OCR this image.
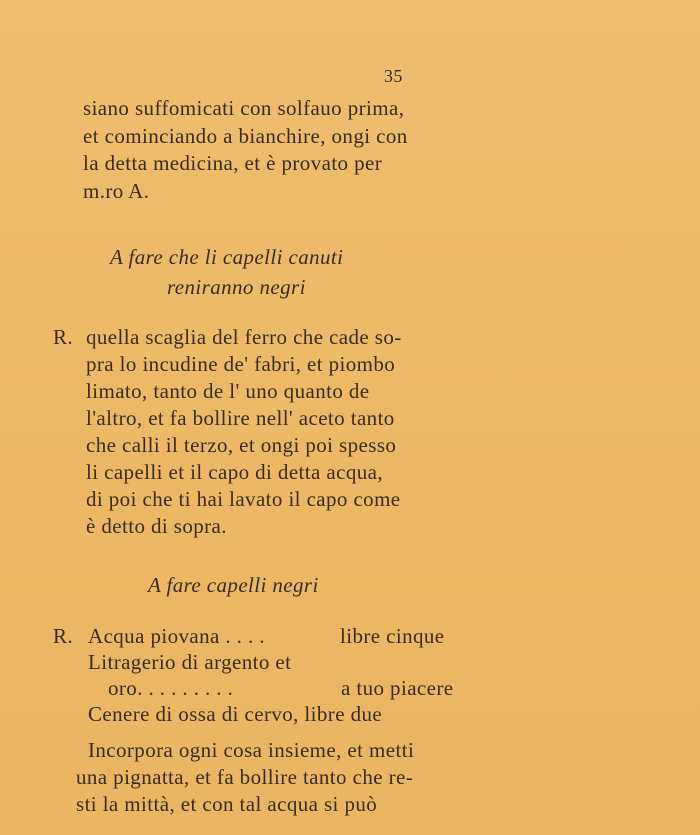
35
siano suffomicati con solfauo prima,
et cominciando a bianchire, ongi con
la detta medicina, et è provato per
m.ro A.
A fare che li capelli canuti
reniranno negri
R. quella scaglia del ferro che cade so-
pra lo incudine de' fabri, et piombo
limato, tanto de l' uno quanto de
l'altro, et fa bollire nell' aceto tanto
che calli il terzo, et ongi poi spesso
li capelli et il capo di detta acqua,
di poi che ti hai lavato il capo come
è detto di sopra.
A fare capelli negri
R. Acqua piovana . . . .	libre cinque
Litragerio di argento et
oro. . . . . . . . .	a tuo piacere
Cenere di ossa di cervo, libre due
Incorpora ogni cosa insieme, et metti
una pignatta, et fa bollire tanto che re-
sti la mittà, et con tal acqua si può
